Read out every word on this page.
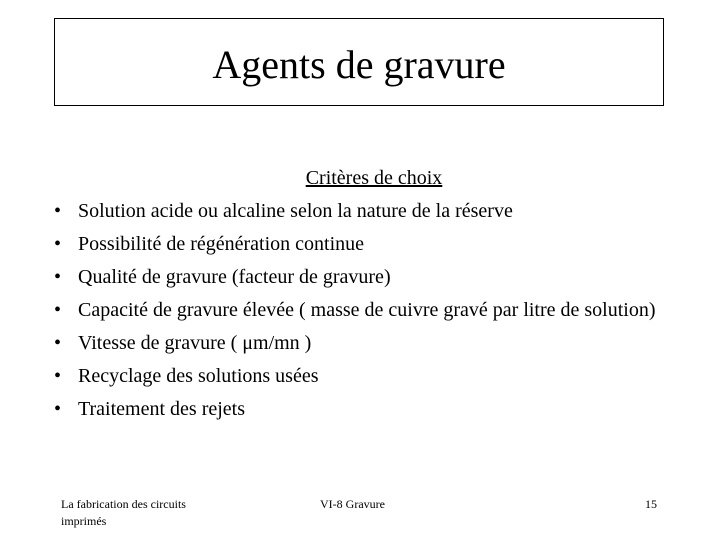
Agents de gravure
Critères de choix
• Solution acide ou alcaline selon la nature de la réserve
• Possibilité de régénération continue
• Qualité de gravure (facteur de gravure)
• Capacité de gravure élevée ( masse de cuivre gravé par litre de solution)
• Vitesse de gravure ( μm/mn )
• Recyclage des solutions usées
• Traitement des rejets
La fabrication des circuits imprimés
VI-8 Gravure	15
